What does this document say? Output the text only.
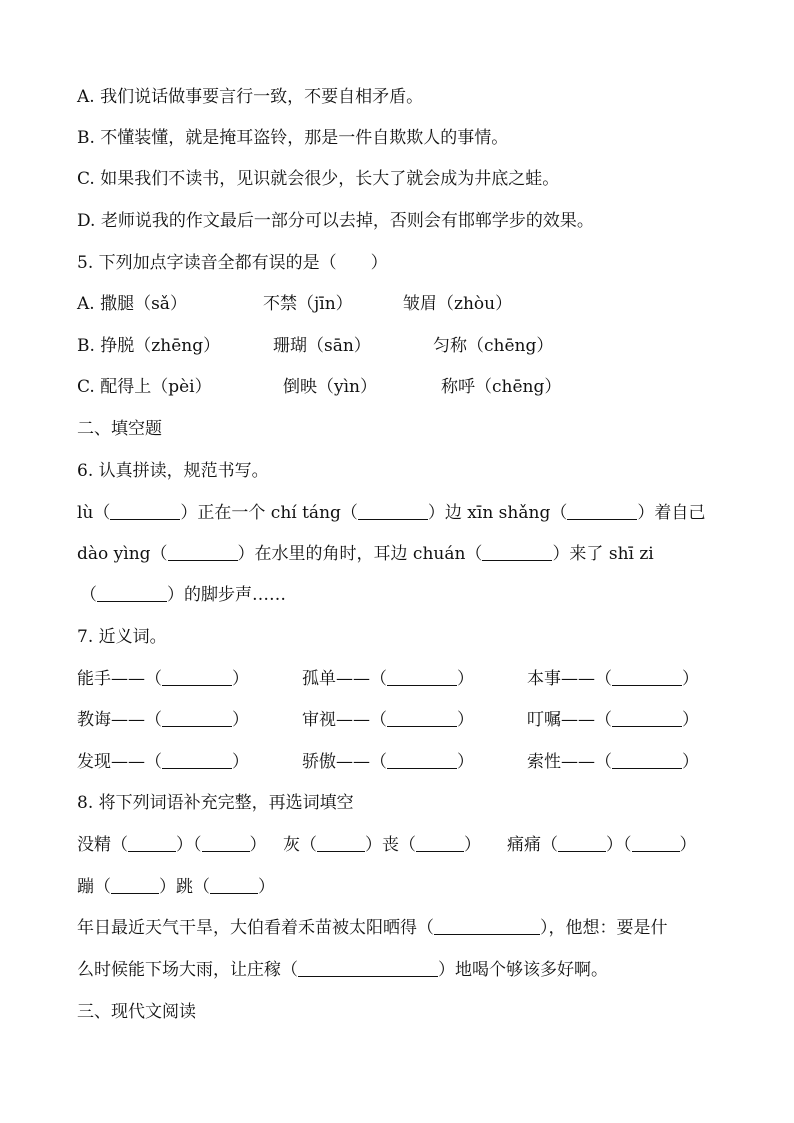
A. 我们说话做事要言行一致，不要自相矛盾。
B. 不懂装懂，就是掩耳盗铃，那是一件自欺欺人的事情。
C. 如果我们不读书，见识就会很少，长大了就会成为井底之蛙。
D. 老师说我的作文最后一部分可以去掉，否则会有邯郸学步的效果。
5. 下列加点字读音全都有误的是（　　）
A. 撒腿（sǎ）	不禁（jīn）	皱眉（zhòu）
B. 挣脱（zhēng）	珊瑚（sān）	匀称（chēng）
C. 配得上（pèi）	倒映（yìn）	称呼（chēng）
二、填空题
6. 认真拼读，规范书写。
lù（	）正在一个 chí táng（	）边 xīn shǎng（	）着自己
dào yìng（	）在水里的角时，耳边 chuán（	）来了 shī zi
（	）的脚步声……
7. 近义词。
能手——（	）	孤单——（	）	本事——（	）
教诲——（	）	审视——（	）	叮嘱——（	）
发现——（	）	骄傲——（	）	索性——（	）
8. 将下列词语补充完整，再选词填空
没精（	）（	） 灰（	）丧（	） 痛痛（	）（	）
蹦（	）跳（	）
年日最近天气干旱，大伯看着禾苗被太阳晒得（	），他想：要是什
么时候能下场大雨，让庄稼（	）地喝个够该多好啊。
三、现代文阅读
